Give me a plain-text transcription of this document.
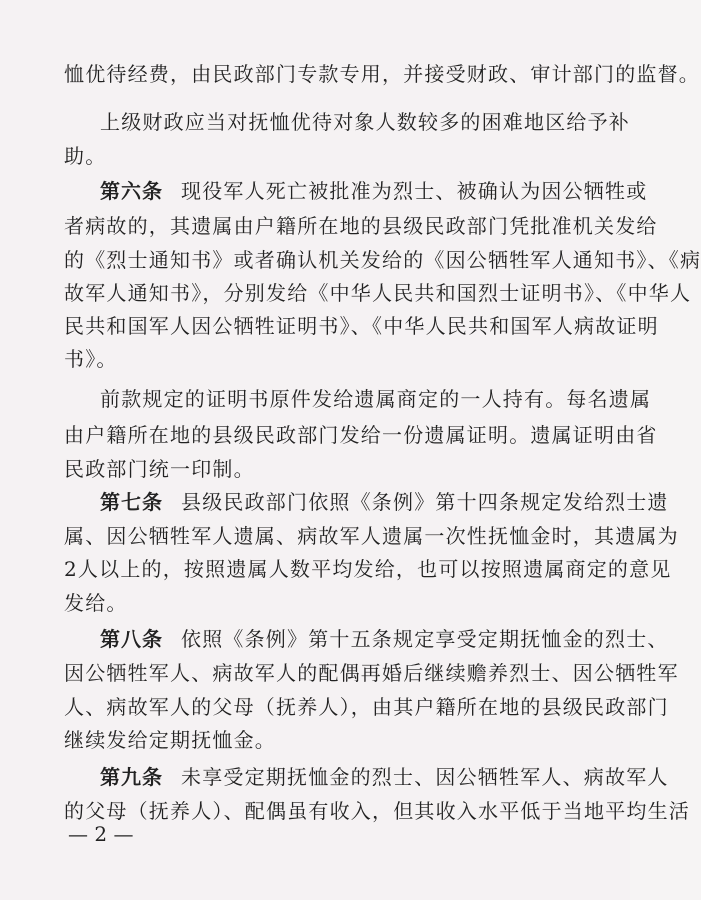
恤优待经费，由民政部门专款专用，并接受财政、审计部门的监督。
上级财政应当对抚恤优待对象人数较多的困难地区给予补
助。
第六条 现役军人死亡被批准为烈士、被确认为因公牺牲或
者病故的，其遗属由户籍所在地的县级民政部门凭批准机关发给
的《烈士通知书》或者确认机关发给的《因公牺牲军人通知书》、《病
故军人通知书》，分别发给《中华人民共和国烈士证明书》、《中华人
民共和国军人因公牺牲证明书》、《中华人民共和国军人病故证明
书》。
前款规定的证明书原件发给遗属商定的一人持有。每名遗属
由户籍所在地的县级民政部门发给一份遗属证明。遗属证明由省
民政部门统一印制。
第七条 县级民政部门依照《条例》第十四条规定发给烈士遗
属、因公牺牲军人遗属、病故军人遗属一次性抚恤金时，其遗属为
2人以上的，按照遗属人数平均发给，也可以按照遗属商定的意见
发给。
第八条 依照《条例》第十五条规定享受定期抚恤金的烈士、
因公牺牲军人、病故军人的配偶再婚后继续赡养烈士、因公牺牲军
人、病故军人的父母（抚养人），由其户籍所在地的县级民政部门
继续发给定期抚恤金。
第九条 未享受定期抚恤金的烈士、因公牺牲军人、病故军人
的父母（抚养人）、配偶虽有收入，但其收入水平低于当地平均生活
— 2 —
